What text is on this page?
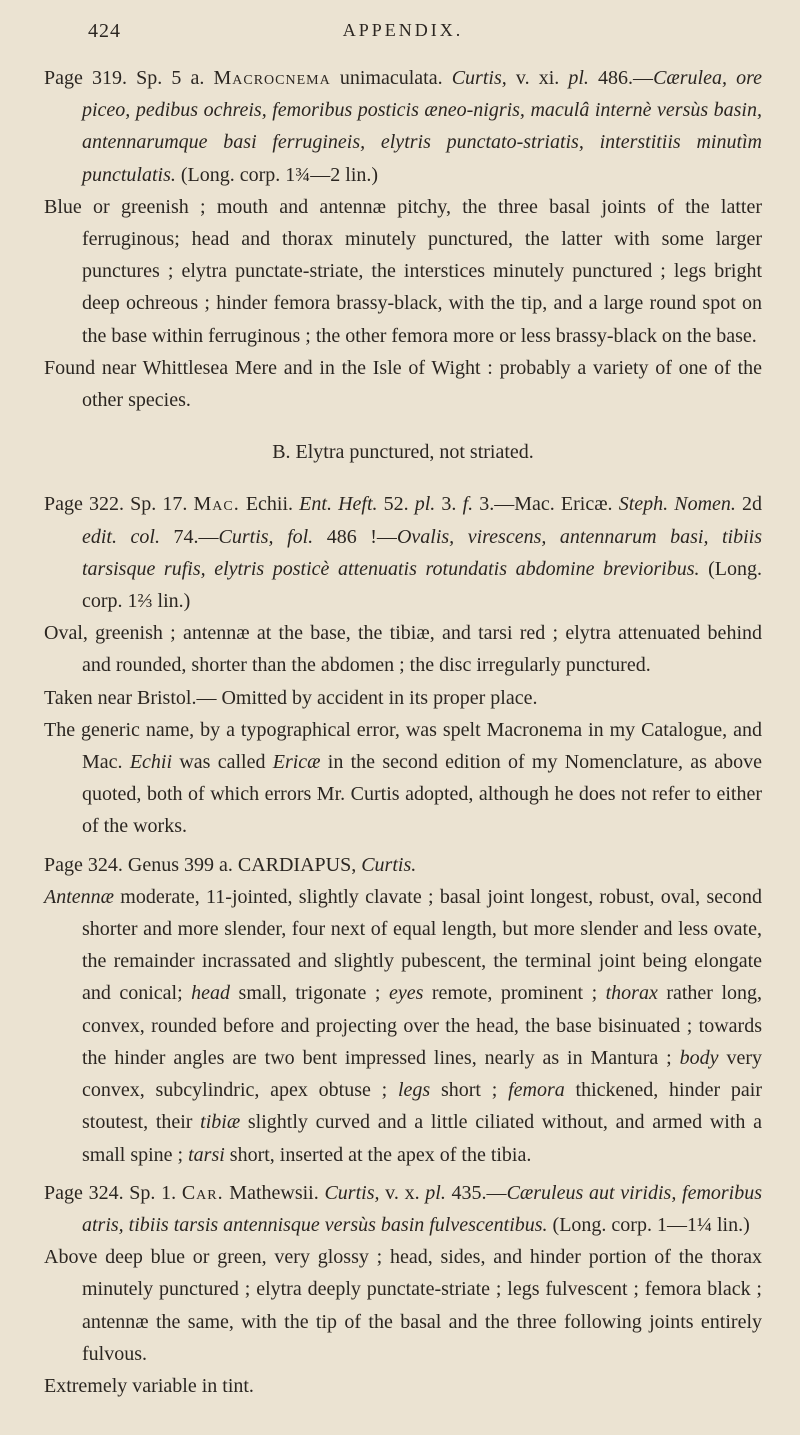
424	APPENDIX.

Page 319. Sp. 5 a. Macrocnema unimaculata. Curtis, v. xi. pl. 486.—Cærulea, ore piceo, pedibus ochreis, femoribus posticis æneo-nigris, maculâ internè versùs basin, antennarumque basi ferrugineis, elytris punctato-striatis, interstitiis minutìm punctulatis. (Long. corp. 1¾—2 lin.)

Blue or greenish ; mouth and antennæ pitchy, the three basal joints of the latter ferruginous; head and thorax minutely punctured, the latter with some larger punctures ; elytra punctate-striate, the interstices minutely punctured ; legs bright deep ochreous ; hinder femora brassy-black, with the tip, and a large round spot on the base within ferruginous ; the other femora more or less brassy-black on the base.

Found near Whittlesea Mere and in the Isle of Wight : probably a variety of one of the other species.

B. Elytra punctured, not striated.

Page 322. Sp. 17. Mac. Echii. Ent. Heft. 52. pl. 3. f. 3.—Mac. Ericæ. Steph. Nomen. 2d edit. col. 74.—Curtis, fol. 486 !—Ovalis, virescens, antennarum basi, tibiis tarsisque rufis, elytris posticè attenuatis rotundatis abdomine brevioribus. (Long. corp. 1⅔ lin.)

Oval, greenish ; antennæ at the base, the tibiæ, and tarsi red ; elytra attenuated behind and rounded, shorter than the abdomen ; the disc irregularly punctured.

Taken near Bristol.— Omitted by accident in its proper place.

The generic name, by a typographical error, was spelt Macronema in my Catalogue, and Mac. Echii was called Ericæ in the second edition of my Nomenclature, as above quoted, both of which errors Mr. Curtis adopted, although he does not refer to either of the works.

Page 324. Genus 399 a. CARDIAPUS, Curtis.

Antennæ moderate, 11-jointed, slightly clavate ; basal joint longest, robust, oval, second shorter and more slender, four next of equal length, but more slender and less ovate, the remainder incrassated and slightly pubescent, the terminal joint being elongate and conical; head small, trigonate ; eyes remote, prominent ; thorax rather long, convex, rounded before and projecting over the head, the base bisinuated ; towards the hinder angles are two bent impressed lines, nearly as in Mantura ; body very convex, subcylindric, apex obtuse ; legs short ; femora thickened, hinder pair stoutest, their tibiæ slightly curved and a little ciliated without, and armed with a small spine ; tarsi short, inserted at the apex of the tibia.

Page 324. Sp. 1. Car. Mathewsii. Curtis, v. x. pl. 435.—Cæruleus aut viridis, femoribus atris, tibiis tarsis antennisque versùs basin fulvescentibus. (Long. corp. 1—1¼ lin.)

Above deep blue or green, very glossy ; head, sides, and hinder portion of the thorax minutely punctured ; elytra deeply punctate-striate ; legs fulvescent ; femora black ; antennæ the same, with the tip of the basal and the three following joints entirely fulvous.

Extremely variable in tint.
